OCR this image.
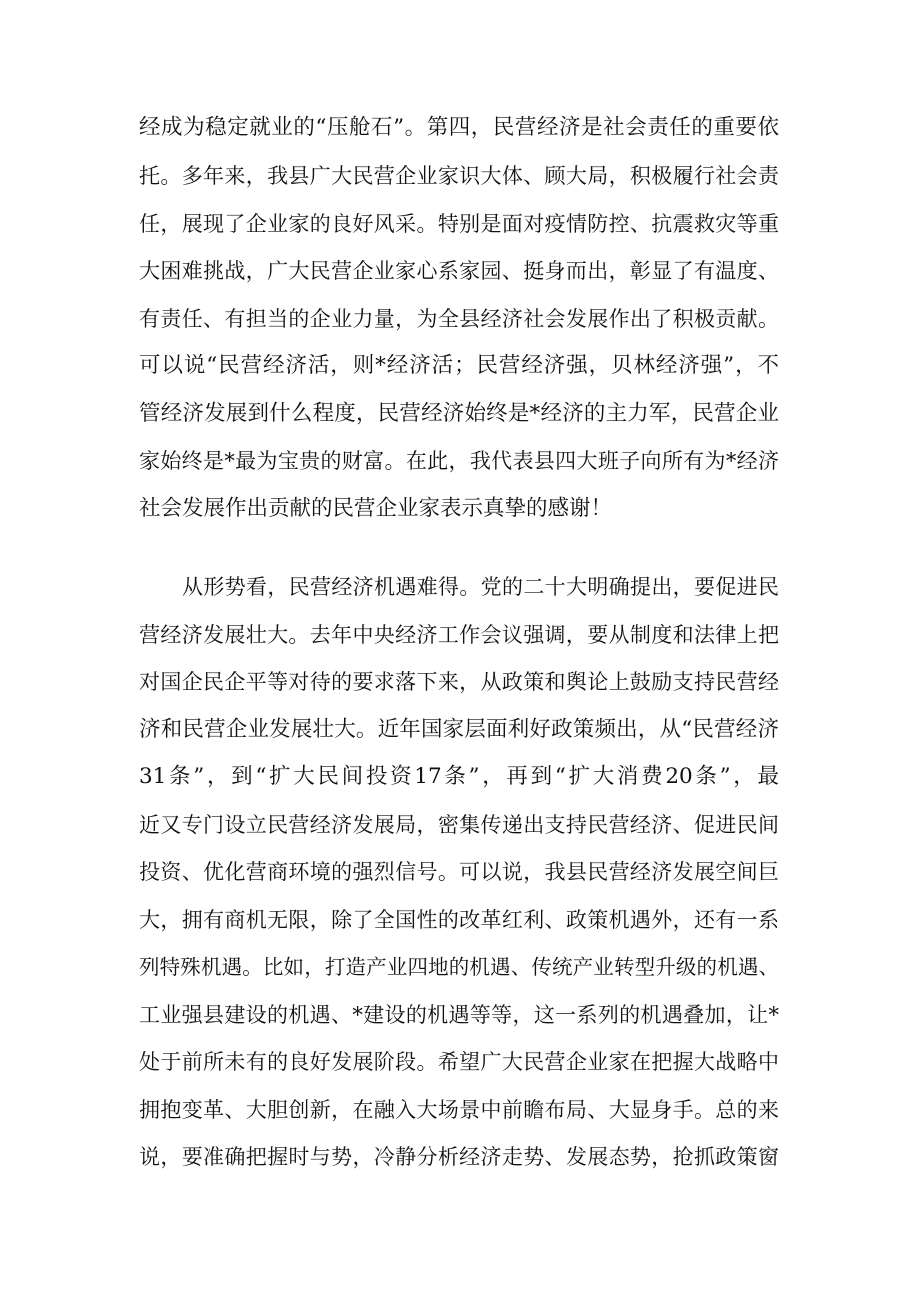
经成为稳定就业的“压舱石”。第四，民营经济是社会责任的重要依
托。多年来，我县广大民营企业家识大体、顾大局，积极履行社会责
任，展现了企业家的良好风采。特别是面对疫情防控、抗震救灾等重
大困难挑战，广大民营企业家心系家园、挺身而出，彰显了有温度、
有责任、有担当的企业力量，为全县经济社会发展作出了积极贡献。
可以说“民营经济活，则*经济活；民营经济强，贝林经济强”，不
管经济发展到什么程度，民营经济始终是*经济的主力军，民营企业
家始终是*最为宝贵的财富。在此，我代表县四大班子向所有为*经济
社会发展作出贡献的民营企业家表示真挚的感谢！
从形势看，民营经济机遇难得。党的二十大明确提出，要促进民
营经济发展壮大。去年中央经济工作会议强调，要从制度和法律上把
对国企民企平等对待的要求落下来，从政策和舆论上鼓励支持民营经
济和民营企业发展壮大。近年国家层面利好政策频出，从“民营经济
31条”，到“扩大民间投资17条”，再到“扩大消费20条”，最
近又专门设立民营经济发展局，密集传递出支持民营经济、促进民间
投资、优化营商环境的强烈信号。可以说，我县民营经济发展空间巨
大，拥有商机无限，除了全国性的改革红利、政策机遇外，还有一系
列特殊机遇。比如，打造产业四地的机遇、传统产业转型升级的机遇、
工业强县建设的机遇、*建设的机遇等等，这一系列的机遇叠加，让*
处于前所未有的良好发展阶段。希望广大民营企业家在把握大战略中
拥抱变革、大胆创新，在融入大场景中前瞻布局、大显身手。总的来
说，要准确把握时与势，冷静分析经济走势、发展态势，抢抓政策窗
